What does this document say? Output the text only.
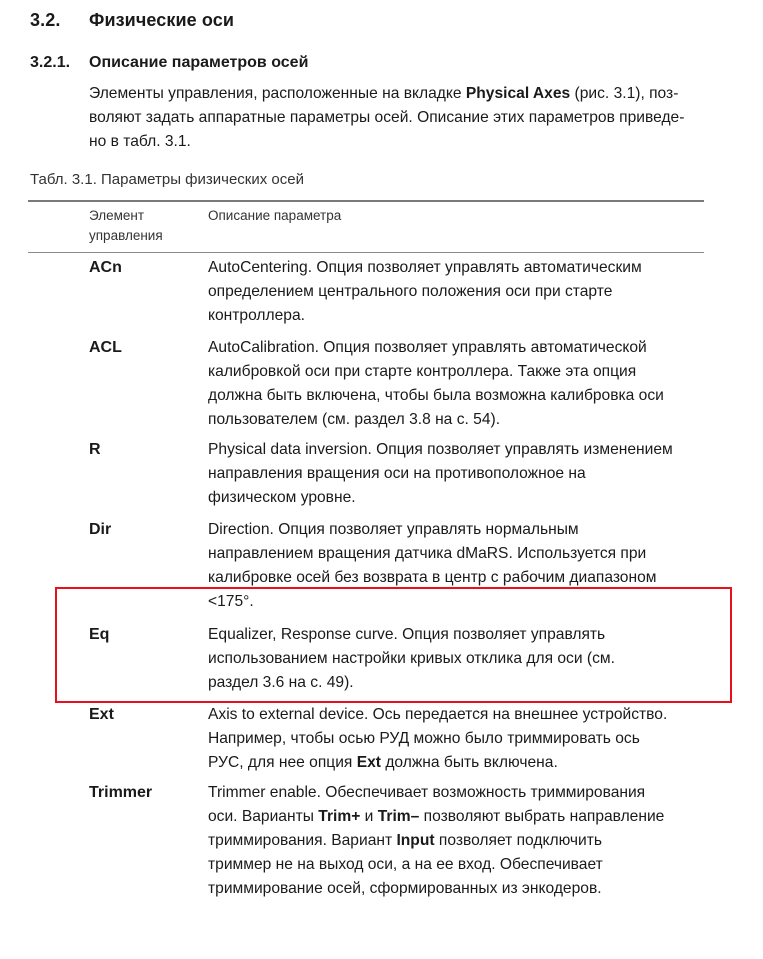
3.2. Физические оси
3.2.1. Описание параметров осей
Элементы управления, расположенные на вкладке Physical Axes (рис. 3.1), поз-
воляют задать аппаратные параметры осей. Описание этих параметров приведе-
но в табл. 3.1.
Табл. 3.1. Параметры физических осей
Элемент
управления
Описание параметра
ACn	AutoCentering. Опция позволяет управлять автоматическим
определением центрального положения оси при старте
контроллера.
ACL	AutoCalibration. Опция позволяет управлять автоматической
калибровкой оси при старте контроллера. Также эта опция
должна быть включена, чтобы была возможна калибровка оси
пользователем (см. раздел 3.8 на с. 54).
R	Physical data inversion. Опция позволяет управлять изменением
направления вращения оси на противоположное на
физическом уровне.
Dir	Direction. Опция позволяет управлять нормальным
направлением вращения датчика dMaRS. Используется при
калибровке осей без возврата в центр с рабочим диапазоном
<175°.
Eq	Equalizer, Response curve. Опция позволяет управлять
использованием настройки кривых отклика для оси (см.
раздел 3.6 на с. 49).
Ext	Axis to external device. Ось передается на внешнее устройство.
Например, чтобы осью РУД можно было триммировать ось
РУС, для нее опция Ext должна быть включена.
Trimmer	Trimmer enable. Обеспечивает возможность триммирования
оси. Варианты Trim+ и Trim– позволяют выбрать направление
триммирования. Вариант Input позволяет подключить
триммер не на выход оси, а на ее вход. Обеспечивает
триммирование осей, сформированных из энкодеров.
